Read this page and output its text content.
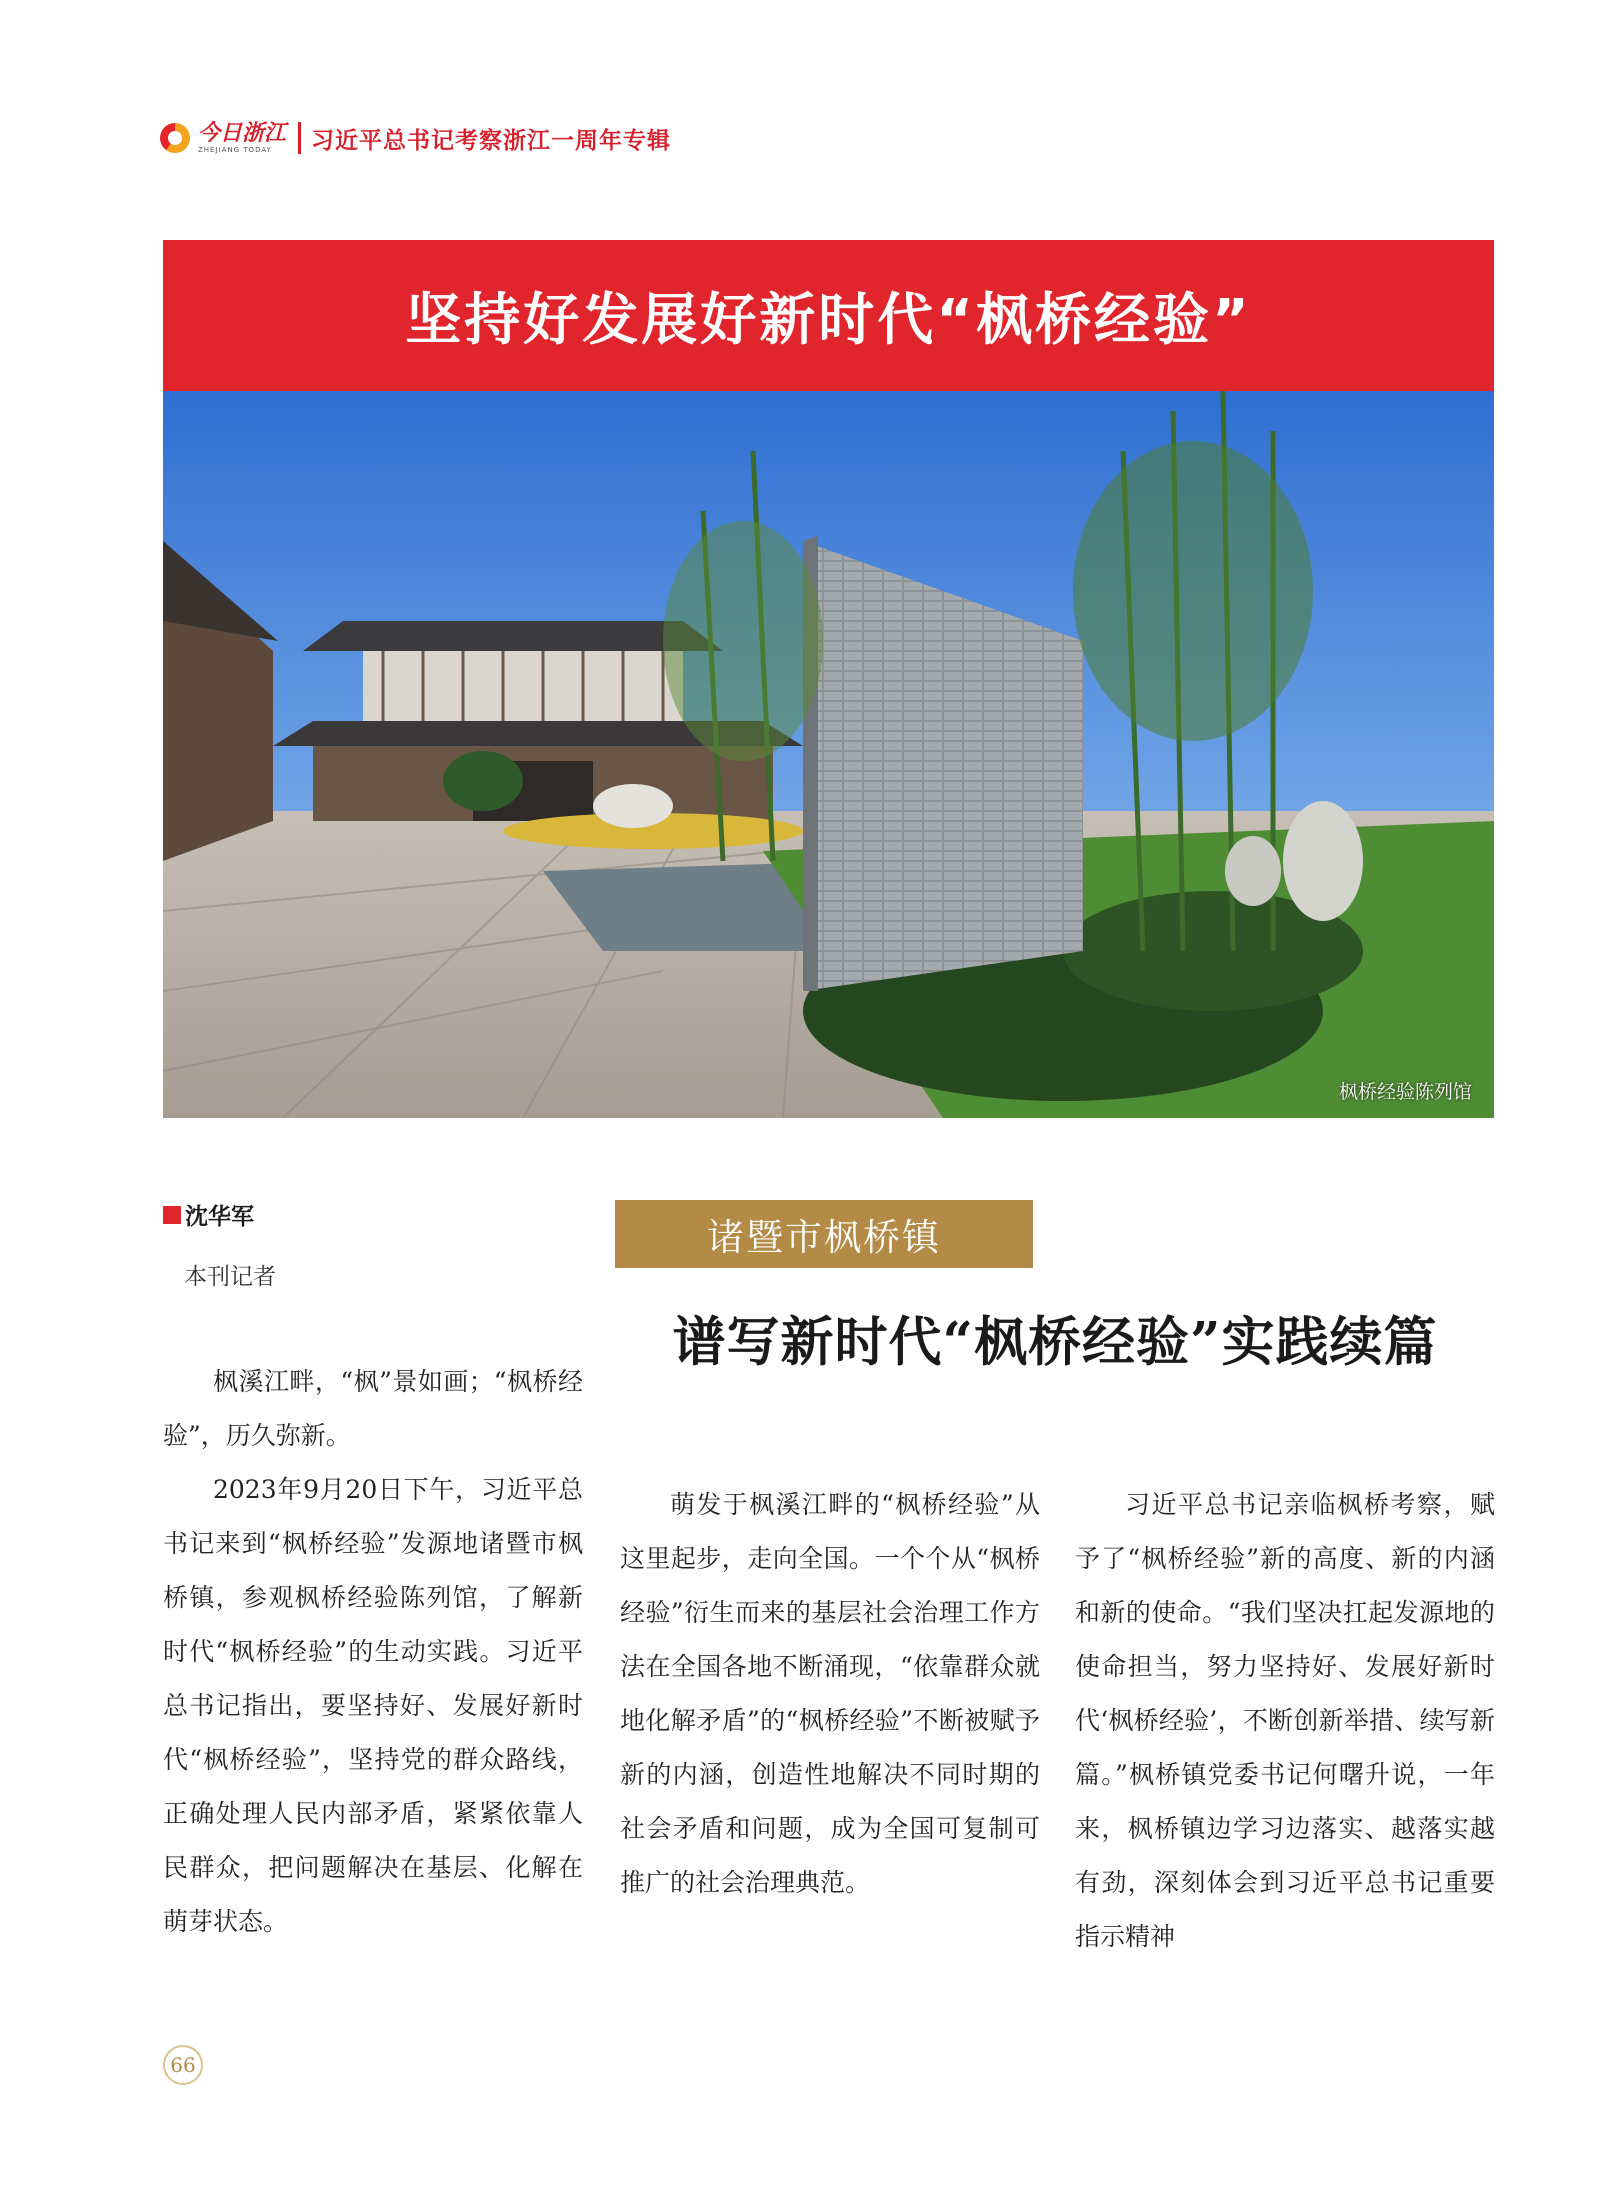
今日浙江
ZHEJIANG TODAY	习近平总书记考察浙江一周年专辑
坚持好发展好新时代“枫桥经验”
枫桥经验陈列馆
沈华军
本刊记者
诸暨市枫桥镇
谱写新时代“枫桥经验”实践续篇

枫溪江畔，“枫”景如画；“枫桥经验”，历久弥新。

2023年9月20日下午，习近平总书记来到“枫桥经验”发源地诸暨市枫桥镇，参观枫桥经验陈列馆，了解新时代“枫桥经验”的生动实践。习近平总书记指出，要坚持好、发展好新时代“枫桥经验”，坚持党的群众路线，正确处理人民内部矛盾，紧紧依靠人民群众，把问题解决在基层、化解在萌芽状态。

萌发于枫溪江畔的“枫桥经验”从这里起步，走向全国。一个个从“枫桥经验”衍生而来的基层社会治理工作方法在全国各地不断涌现，“依靠群众就地化解矛盾”的“枫桥经验”不断被赋予新的内涵，创造性地解决不同时期的社会矛盾和问题，成为全国可复制可推广的社会治理典范。

习近平总书记亲临枫桥考察，赋予了“枫桥经验”新的高度、新的内涵和新的使命。“我们坚决扛起发源地的使命担当，努力坚持好、发展好新时代‘枫桥经验’，不断创新举措、续写新篇。”枫桥镇党委书记何曙升说，一年来，枫桥镇边学习边落实、越落实越有劲，深刻体会到习近平总书记重要指示精神

66
